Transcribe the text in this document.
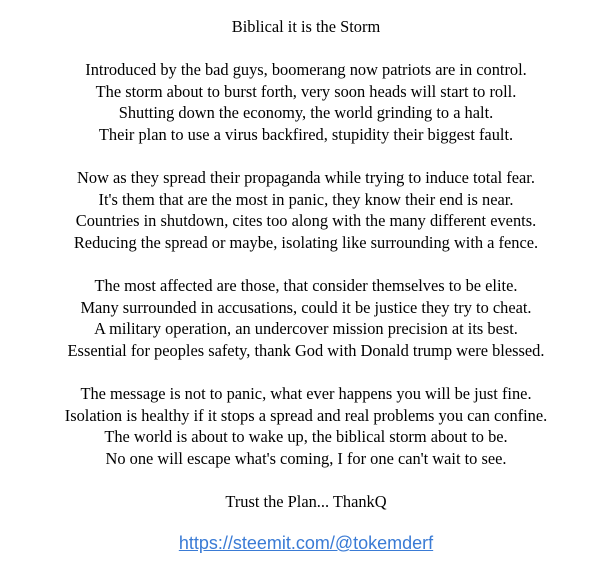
Biblical it is the Storm
Introduced by the bad guys, boomerang now patriots are in control.
The storm about to burst forth, very soon heads will start to roll.
Shutting down the economy, the world grinding to a halt.
Their plan to use a virus backfired, stupidity their biggest fault.
Now as they spread their propaganda while trying to induce total fear.
It's them that are the most in panic, they know their end is near.
Countries in shutdown, cites too along with the many different events.
Reducing the spread or maybe, isolating like surrounding with a fence.
The most affected are those, that consider themselves to be elite.
Many surrounded in accusations, could it be justice they try to cheat.
A military operation, an undercover mission precision at its best.
Essential for peoples safety, thank God with Donald trump were blessed.
The message is not to panic, what ever happens you will be just fine.
Isolation is healthy if it stops a spread and real problems you can confine.
The world is about to wake up, the biblical storm about to be.
No one will escape what's coming, I for one can't wait to see.
Trust the Plan... ThankQ
https://steemit.com/@tokemderf
